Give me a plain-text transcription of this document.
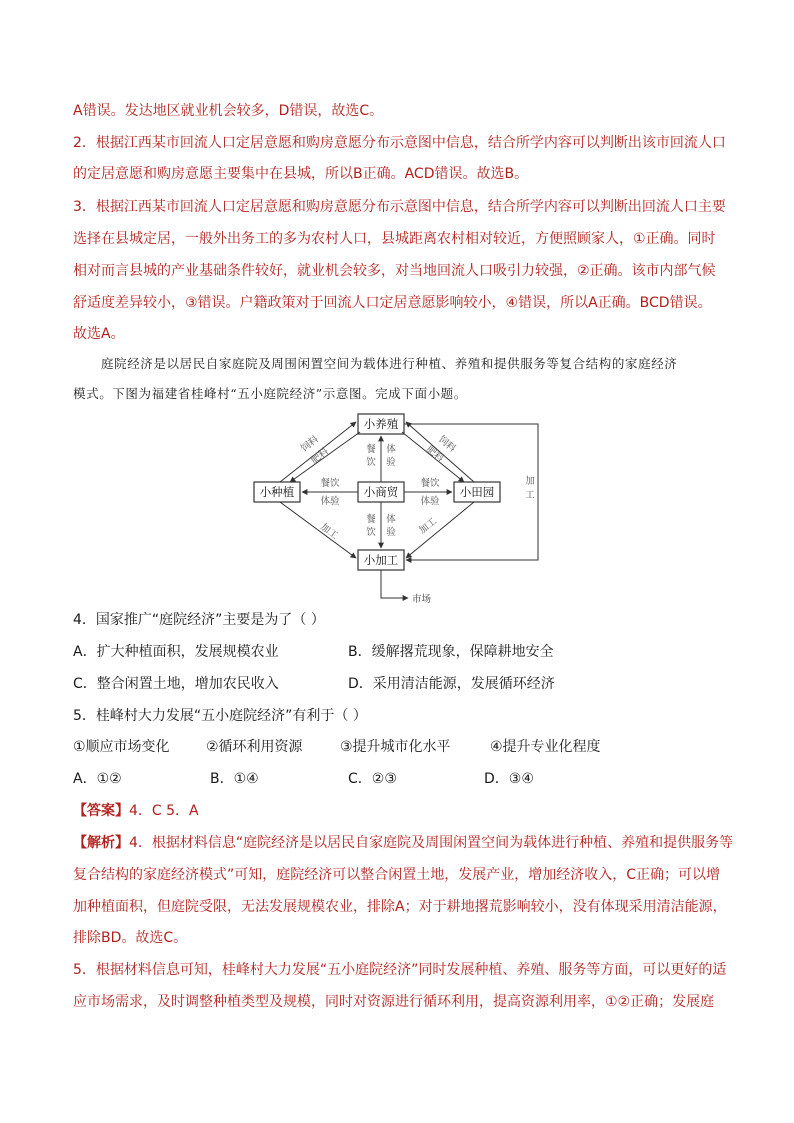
A错误。发达地区就业机会较多，D错误，故选C。
2．根据江西某市回流人口定居意愿和购房意愿分布示意图中信息，结合所学内容可以判断出该市回流人口
的定居意愿和购房意愿主要集中在县城，所以B正确。ACD错误。故选B。
3．根据江西某市回流人口定居意愿和购房意愿分布示意图中信息，结合所学内容可以判断出回流人口主要
选择在县城定居，一般外出务工的多为农村人口，县城距离农村相对较近，方便照顾家人，①正确。同时
相对而言县城的产业基础条件较好，就业机会较多，对当地回流人口吸引力较强，②正确。该市内部气候
舒适度差异较小，③错误。户籍政策对于回流人口定居意愿影响较小，④错误，所以A正确。BCD错误。
故选A。
庭院经济是以居民自家庭院及周围闲置空间为载体进行种植、养殖和提供服务等复合结构的家庭经济
模式。下图为福建省桂峰村“五小庭院经济”示意图。完成下面小题。
小养殖
小种植	小商贸	小田园
小加工
饲料
肥料
饲料
肥料
餐
饮
体
验
餐饮
体验
餐饮
体验
餐
饮
体
验
加工	加工
加
工
市场
4．国家推广“庭院经济”主要是为了（ ）
A．扩大种植面积，发展规模农业	B．缓解撂荒现象，保障耕地安全
C．整合闲置土地，增加农民收入	D．采用清洁能源，发展循环经济
5．桂峰村大力发展“五小庭院经济”有利于（ ）
①顺应市场变化	②循环利用资源	③提升城市化水平	④提升专业化程度
A．①②	B．①④	C．②③	D．③④
【答案】4．C 5．A
【解析】4．根据材料信息“庭院经济是以居民自家庭院及周围闲置空间为载体进行种植、养殖和提供服务等
复合结构的家庭经济模式”可知，庭院经济可以整合闲置土地，发展产业，增加经济收入，C正确；可以增
加种植面积，但庭院受限，无法发展规模农业，排除A；对于耕地撂荒影响较小，没有体现采用清洁能源，
排除BD。故选C。
5．根据材料信息可知，桂峰村大力发展“五小庭院经济”同时发展种植、养殖、服务等方面，可以更好的适
应市场需求，及时调整种植类型及规模，同时对资源进行循环利用，提高资源利用率，①②正确；发展庭
